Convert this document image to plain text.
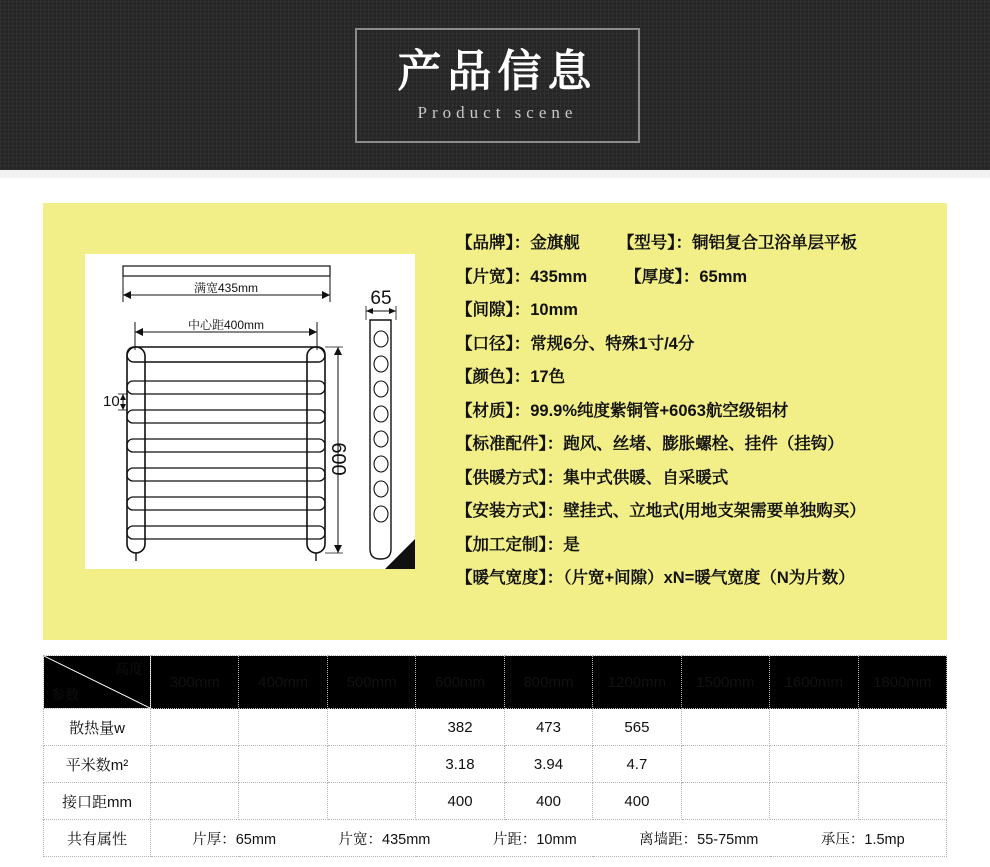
产品信息
Product scene
满宽435mm
中心距400mm
10
600
65
【品牌】：金旗舰 【型号】：铜铝复合卫浴单层平板
【片宽】：435mm 【厚度】：65mm
【间隙】：10mm
【口径】：常规6分、特殊1寸/4分
【颜色】：17色
【材质】：99.9%纯度紫铜管+6063航空级铝材
【标准配件】：跑风、丝堵、膨胀螺栓、挂件（挂钩）
【供暖方式】：集中式供暖、自采暖式
【安装方式】：壁挂式、立地式(用地支架需要单独购买）
【加工定制】：是
【暖气宽度】：（片宽+间隙）xN=暖气宽度（N为片数）
高度
参数	300mm	400mm	500mm	600mm	800mm	1200mm	1500mm	1600mm	1800mm
散热量w				382	473	565			
平米数m²				3.18	3.94	4.7			
接口距mm				400	400	400			
共有属性	片厚：65mm 片宽：435mm 片距：10mm 离墙距：55-75mm 承压：1.5mp								
